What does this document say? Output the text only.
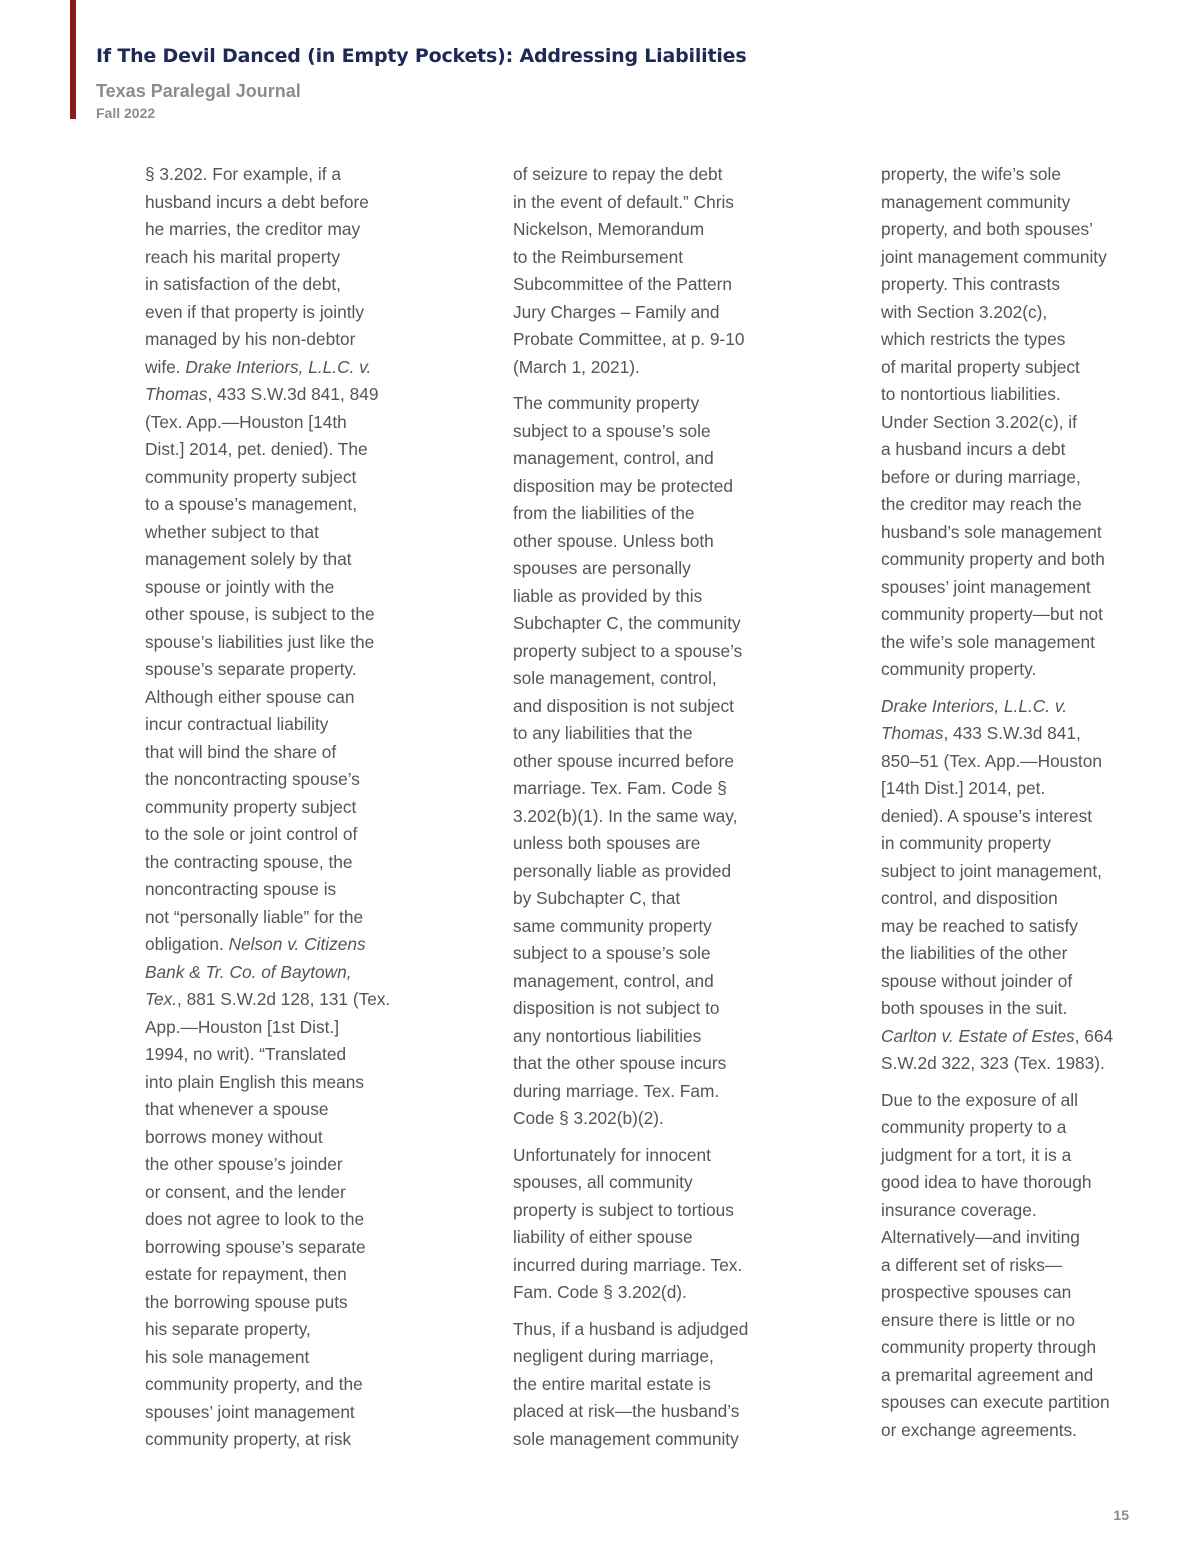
If The Devil Danced (in Empty Pockets): Addressing Liabilities
Texas Paralegal Journal
Fall 2022

§ 3.202. For example, if a
husband incurs a debt before
he marries, the creditor may
reach his marital property
in satisfaction of the debt,
even if that property is jointly
managed by his non-debtor
wife. Drake Interiors, L.L.C. v.
Thomas, 433 S.W.3d 841, 849
(Tex. App.—Houston [14th
Dist.] 2014, pet. denied). The
community property subject
to a spouse’s management,
whether subject to that
management solely by that
spouse or jointly with the
other spouse, is subject to the
spouse’s liabilities just like the
spouse’s separate property.
Although either spouse can
incur contractual liability
that will bind the share of
the noncontracting spouse’s
community property subject
to the sole or joint control of
the contracting spouse, the
noncontracting spouse is
not “personally liable” for the
obligation. Nelson v. Citizens
Bank & Tr. Co. of Baytown,
Tex., 881 S.W.2d 128, 131 (Tex.
App.—Houston [1st Dist.]
1994, no writ). “Translated
into plain English this means
that whenever a spouse
borrows money without
the other spouse’s joinder
or consent, and the lender
does not agree to look to the
borrowing spouse’s separate
estate for repayment, then
the borrowing spouse puts
his separate property,
his sole management
community property, and the
spouses’ joint management
community property, at risk

of seizure to repay the debt
in the event of default.” Chris
Nickelson, Memorandum
to the Reimbursement
Subcommittee of the Pattern
Jury Charges – Family and
Probate Committee, at p. 9-10
(March 1, 2021).

The community property
subject to a spouse’s sole
management, control, and
disposition may be protected
from the liabilities of the
other spouse. Unless both
spouses are personally
liable as provided by this
Subchapter C, the community
property subject to a spouse’s
sole management, control,
and disposition is not subject
to any liabilities that the
other spouse incurred before
marriage. Tex. Fam. Code §
3.202(b)(1). In the same way,
unless both spouses are
personally liable as provided
by Subchapter C, that
same community property
subject to a spouse’s sole
management, control, and
disposition is not subject to
any nontortious liabilities
that the other spouse incurs
during marriage. Tex. Fam.
Code § 3.202(b)(2).

Unfortunately for innocent
spouses, all community
property is subject to tortious
liability of either spouse
incurred during marriage. Tex.
Fam. Code § 3.202(d).

Thus, if a husband is adjudged
negligent during marriage,
the entire marital estate is
placed at risk—the husband’s
sole management community

property, the wife’s sole
management community
property, and both spouses’
joint management community
property. This contrasts
with Section 3.202(c),
which restricts the types
of marital property subject
to nontortious liabilities.
Under Section 3.202(c), if
a husband incurs a debt
before or during marriage,
the creditor may reach the
husband’s sole management
community property and both
spouses’ joint management
community property—but not
the wife’s sole management
community property.

Drake Interiors, L.L.C. v.
Thomas, 433 S.W.3d 841,
850–51 (Tex. App.—Houston
[14th Dist.] 2014, pet.
denied). A spouse’s interest
in community property
subject to joint management,
control, and disposition
may be reached to satisfy
the liabilities of the other
spouse without joinder of
both spouses in the suit.
Carlton v. Estate of Estes, 664
S.W.2d 322, 323 (Tex. 1983).

Due to the exposure of all
community property to a
judgment for a tort, it is a
good idea to have thorough
insurance coverage.
Alternatively—and inviting
a different set of risks—
prospective spouses can
ensure there is little or no
community property through
a premarital agreement and
spouses can execute partition
or exchange agreements.

15
